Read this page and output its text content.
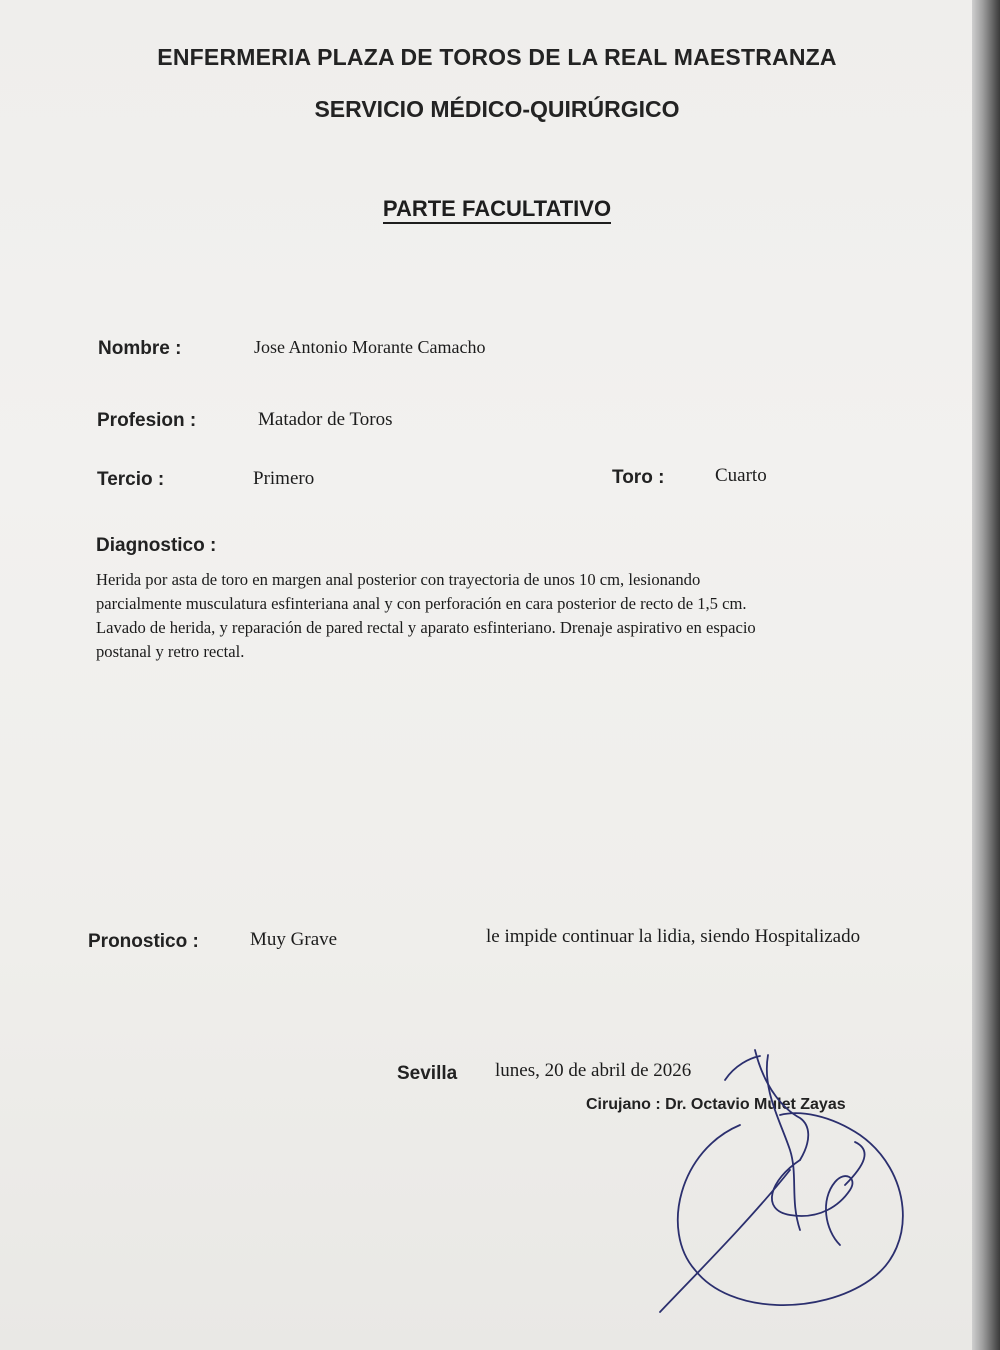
ENFERMERIA PLAZA DE TOROS DE LA REAL MAESTRANZA
SERVICIO MÉDICO-QUIRÚRGICO
PARTE FACULTATIVO
Nombre :	Jose Antonio Morante Camacho
Profesion :	Matador de Toros
Tercio :	Primero	Toro :	Cuarto
Diagnostico :
Herida por asta de toro en margen anal posterior con trayectoria de unos 10 cm, lesionando
parcialmente musculatura esfinteriana anal y con perforación en cara posterior de recto de 1,5 cm.
Lavado de herida, y reparación de pared rectal y aparato esfinteriano. Drenaje aspirativo en espacio
postanal y retro rectal.
Pronostico :	Muy Grave	le impide continuar la lidia, siendo Hospitalizado
Sevilla lunes, 20 de abril de 2026
Cirujano : Dr. Octavio Mulet Zayas
